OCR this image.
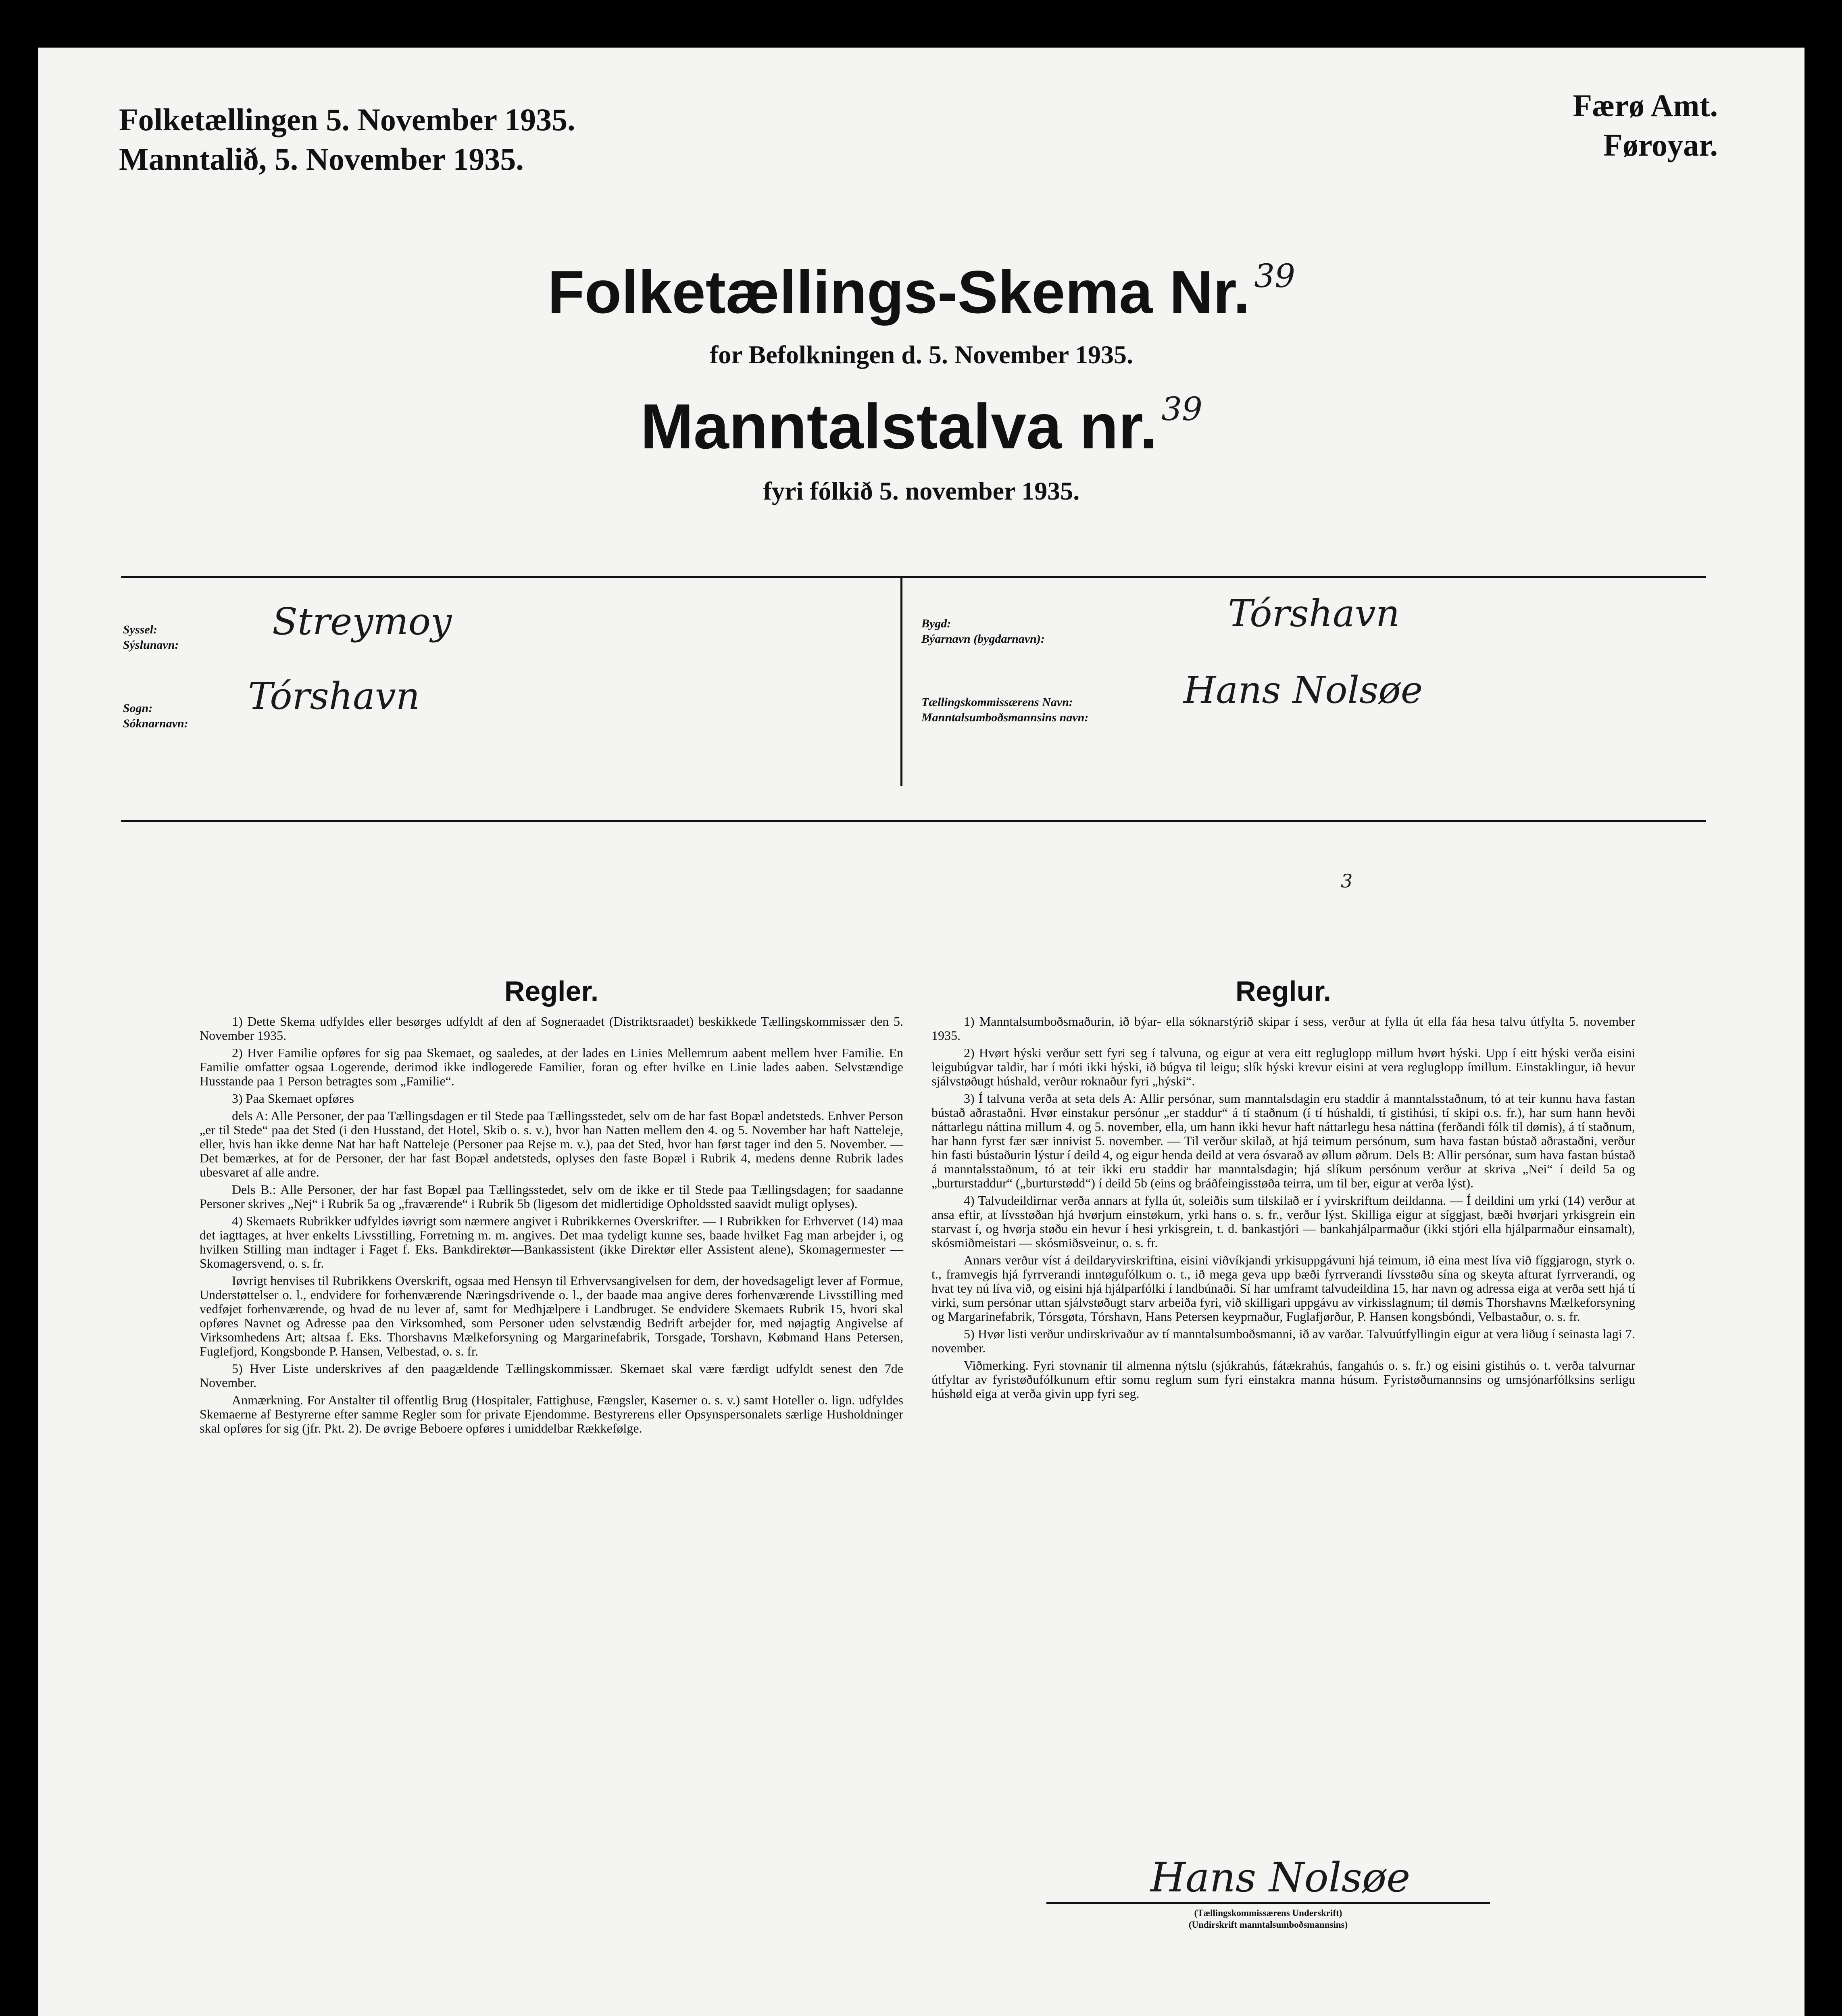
Folketællingen 5. November 1935.
Manntalið, 5. November 1935.
Færø Amt.
Føroyar.
Folketællings-Skema Nr. $^{39}$
for Befolkningen d. 5. November 1935.
Manntalstalva nr. $^{39}$
fyri fólkið 5. november 1935.
Syssel:
Sýslunavn:
Streymoy
Sogn:
Sóknarnavn:
Tórshavn
Bygd:
Býarnavn (bygdarnavn):
Tórshavn
Tællingskommissærens Navn:
Manntalsumboðsmannsins navn:
Hans Nolsøe
3
Regler.

1) Dette Skema udfyldes eller besørges udfyldt af den af Sogneraadet (Distriktsraadet) beskikkede Tællingskommissær den 5. November 1935.

2) Hver Familie opføres for sig paa Skemaet, og saaledes, at der lades en Linies Mellemrum aabent mellem hver Familie. En Familie omfatter ogsaa Logerende, derimod ikke indlogerede Familier, foran og efter hvilke en Linie lades aaben. Selvstændige Husstande paa 1 Person betragtes som „Familie“.

3) Paa Skemaet opføres

dels A: Alle Personer, der paa Tællingsdagen er til Stede paa Tællingsstedet, selv om de har fast Bopæl andetsteds. Enhver Person „er til Stede“ paa det Sted (i den Husstand, det Hotel, Skib o. s. v.), hvor han Natten mellem den 4. og 5. November har haft Natteleje, eller, hvis han ikke denne Nat har haft Natteleje (Personer paa Rejse m. v.), paa det Sted, hvor han først tager ind den 5. November. — Det bemærkes, at for de Personer, der har fast Bopæl andetsteds, oplyses den faste Bopæl i Rubrik 4, medens denne Rubrik lades ubesvaret af alle andre.

Dels B.: Alle Personer, der har fast Bopæl paa Tællingsstedet, selv om de ikke er til Stede paa Tællingsdagen; for saadanne Personer skrives „Nej“ i Rubrik 5a og „fraværende“ i Rubrik 5b (ligesom det midlertidige Opholdssted saavidt muligt oplyses).

4) Skemaets Rubrikker udfyldes iøvrigt som nærmere angivet i Rubrikkernes Overskrifter. — I Rubrikken for Erhvervet (14) maa det iagttages, at hver enkelts Livsstilling, Forretning m. m. angives. Det maa tydeligt kunne ses, baade hvilket Fag man arbejder i, og hvilken Stilling man indtager i Faget f. Eks. Bankdirektør—Bankassistent (ikke Direktør eller Assistent alene), Skomagermester — Skomagersvend, o. s. fr.

Iøvrigt henvises til Rubrikkens Overskrift, ogsaa med Hensyn til Erhvervsangivelsen for dem, der hovedsageligt lever af Formue, Understøttelser o. l., endvidere for forhenværende Næringsdrivende o. l., der baade maa angive deres forhenværende Livsstilling med vedføjet forhenværende, og hvad de nu lever af, samt for Medhjælpere i Landbruget. Se endvidere Skemaets Rubrik 15, hvori skal opføres Navnet og Adresse paa den Virksomhed, som Personer uden selvstændig Bedrift arbejder for, med nøjagtig Angivelse af Virksomhedens Art; altsaa f. Eks. Thorshavns Mælkeforsyning og Margarinefabrik, Torsgade, Torshavn, Købmand Hans Petersen, Fuglefjord, Kongsbonde P. Hansen, Velbestad, o. s. fr.

5) Hver Liste underskrives af den paagældende Tællingskommissær. Skemaet skal være færdigt udfyldt senest den 7de November.

Anmærkning. For Anstalter til offentlig Brug (Hospitaler, Fattighuse, Fængsler, Kaserner o. s. v.) samt Hoteller o. lign. udfyldes Skemaerne af Bestyrerne efter samme Regler som for private Ejendomme. Bestyrerens eller Opsynspersonalets særlige Husholdninger skal opføres for sig (jfr. Pkt. 2). De øvrige Beboere opføres i umiddelbar Rækkefølge.

Reglur.

1) Manntalsumboðsmaðurin, ið býar- ella sóknarstýrið skipar í sess, verður at fylla út ella fáa hesa talvu útfylta 5. november 1935.

2) Hvørt hýski verður sett fyri seg í talvuna, og eigur at vera eitt regluglopp millum hvørt hýski. Upp í eitt hýski verða eisini leigubúgvar taldir, har í móti ikki hýski, ið búgva til leigu; slík hýski krevur eisini at vera regluglopp ímillum. Einstaklingur, ið hevur sjálvstøðugt húshald, verður roknaður fyri „hýski“.

3) Í talvuna verða at seta dels A: Allir persónar, sum manntalsdagin eru staddir á manntalsstaðnum, tó at teir kunnu hava fastan bústað aðrastaðni. Hvør einstakur persónur „er staddur“ á tí staðnum (í tí húshaldi, tí gistihúsi, tí skipi o.s. fr.), har sum hann hevði náttarlegu náttina millum 4. og 5. november, ella, um hann ikki hevur haft náttarlegu hesa náttina (ferðandi fólk til dømis), á tí staðnum, har hann fyrst fær sær innivist 5. november. — Til verður skilað, at hjá teimum persónum, sum hava fastan bústað aðrastaðni, verður hin fasti bústaðurin lýstur í deild 4, og eigur henda deild at vera ósvarað av øllum øðrum. Dels B: Allir persónar, sum hava fastan bústað á manntalsstaðnum, tó at teir ikki eru staddir har manntalsdagin; hjá slíkum persónum verður at skriva „Nei“ í deild 5a og „burturstaddur“ („burturstødd“) í deild 5b (eins og bráðfeingisstøða teirra, um til ber, eigur at verða lýst).

4) Talvudeildirnar verða annars at fylla út, soleiðis sum tilskilað er í yvirskriftum deildanna. — Í deildini um yrki (14) verður at ansa eftir, at lívsstøðan hjá hvørjum einstøkum, yrki hans o. s. fr., verður lýst. Skilliga eigur at síggjast, bæði hvørjari yrkisgrein ein starvast í, og hvørja støðu ein hevur í hesi yrkisgrein, t. d. bankastjóri — bankahjálparmaður (ikki stjóri ella hjálparmaður einsamalt), skósmiðmeistari — skósmiðsveinur, o. s. fr.

Annars verður víst á deildaryvirskriftina, eisini viðvíkjandi yrkisuppgávuni hjá teimum, ið eina mest líva við fíggjarogn, styrk o. t., framvegis hjá fyrrverandi inntøgufólkum o. t., ið mega geva upp bæði fyrrverandi lívsstøðu sína og skeyta afturat fyrrverandi, og hvat tey nú líva við, og eisini hjá hjálparfólki í landbúnaði. Sí har umframt talvudeildina 15, har navn og adressa eiga at verða sett hjá tí virki, sum persónar uttan sjálvstøðugt starv arbeiða fyri, við skilligari uppgávu av virkisslagnum; til dømis Thorshavns Mælkeforsyning og Margarinefabrik, Tórsgøta, Tórshavn, Hans Petersen keypmaður, Fuglafjørður, P. Hansen kongsbóndi, Velbastaður, o. s. fr.

5) Hvør listi verður undirskrivaður av tí manntalsumboðsmanni, ið av varðar. Talvuútfyllingin eigur at vera liðug í seinasta lagi 7. november.

Viðmerking. Fyri stovnanir til almenna nýtslu (sjúkrahús, fátækrahús, fangahús o. s. fr.) og eisini gistihús o. t. verða talvurnar útfyltar av fyristøðufólkunum eftir somu reglum sum fyri einstakra manna húsum. Fyristøðumannsins og umsjónarfólksins serligu húshøld eiga at verða givin upp fyri seg.

Hans Nolsøe
(Tællingskommissærens Underskrift)
(Undirskrift manntalsumboðsmannsins)
